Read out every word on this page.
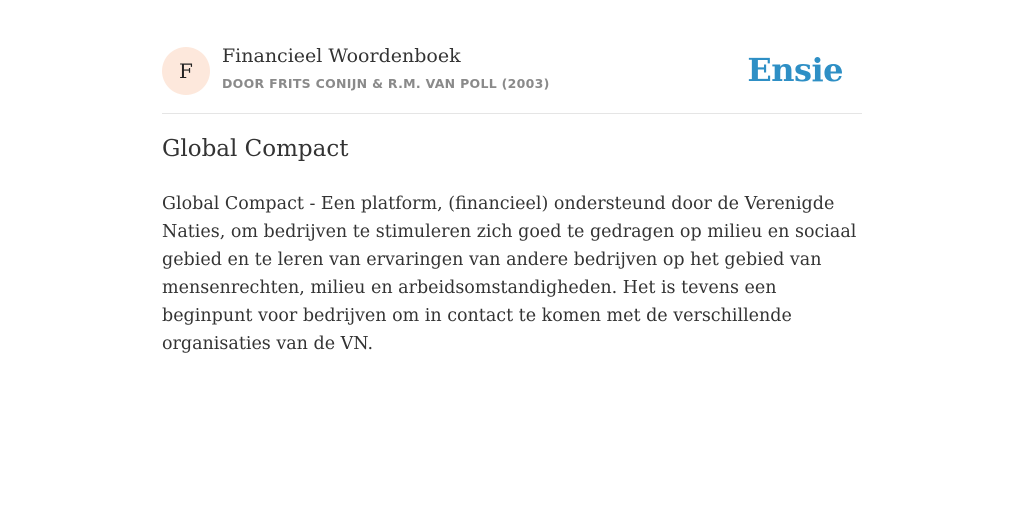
F
Financieel Woordenboek
DOOR FRITS CONIJN & R.M. VAN POLL (2003)	Ensie
Global Compact

Global Compact - Een platform, (financieel) ondersteund door de Verenigde Naties, om bedrijven te stimuleren zich goed te gedragen op milieu en sociaal gebied en te leren van ervaringen van andere bedrijven op het gebied van mensenrechten, milieu en arbeidsomstandigheden. Het is tevens een beginpunt voor bedrijven om in contact te komen met de verschillende organisaties van de VN.
